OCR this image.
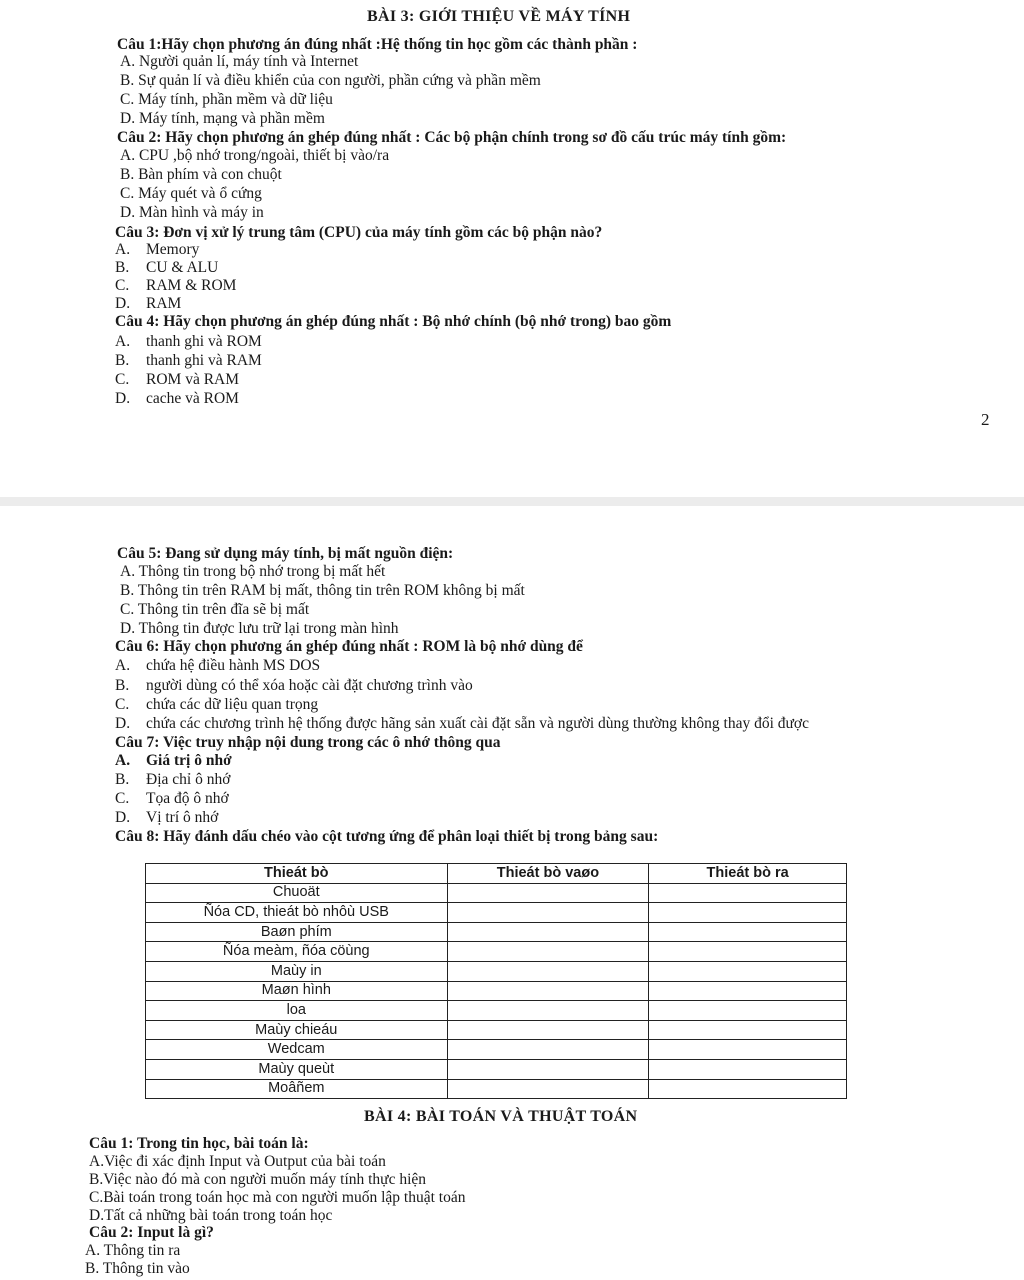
BÀI 3: GIỚI THIỆU VỀ MÁY TÍNH
Câu 1:Hãy chọn phương án đúng nhất :Hệ thống tin học gồm các thành phần :
A. Người quản lí, máy tính và Internet
B. Sự quản lí và điều khiển của con người, phần cứng và phần mềm
C. Máy tính, phần mềm và dữ liệu
D. Máy tính, mạng và phần mềm
Câu 2: Hãy chọn phương án ghép đúng nhất : Các bộ phận chính trong sơ đồ cấu trúc máy tính gồm:
A. CPU ,bộ nhớ trong/ngoài, thiết bị vào/ra
B. Bàn phím và con chuột
C. Máy quét và ổ cứng
D. Màn hình và máy in
Câu 3: Đơn vị xử lý trung tâm (CPU) của máy tính gồm các bộ phận nào?
A. Memory
B. CU & ALU
C. RAM & ROM
D. RAM
Câu 4: Hãy chọn phương án ghép đúng nhất : Bộ nhớ chính (bộ nhớ trong) bao gồm
A. thanh ghi và ROM
B. thanh ghi và RAM
C. ROM và RAM
D. cache và ROM
2
Câu 5: Đang sử dụng máy tính, bị mất nguồn điện:
A. Thông tin trong bộ nhớ trong bị mất hết
B. Thông tin trên RAM bị mất, thông tin trên ROM không bị mất
C. Thông tin trên đĩa sẽ bị mất
D. Thông tin được lưu trữ lại trong màn hình
Câu 6: Hãy chọn phương án ghép đúng nhất : ROM là bộ nhớ dùng để
A. chứa hệ điều hành MS DOS
B. người dùng có thể xóa hoặc cài đặt chương trình vào
C. chứa các dữ liệu quan trọng
D. chứa các chương trình hệ thống được hãng sản xuất cài đặt sẵn và người dùng thường không thay đổi được
Câu 7: Việc truy nhập nội dung trong các ô nhớ thông qua
A. Giá trị ô nhớ
B. Địa chỉ ô nhớ
C. Tọa độ ô nhớ
D. Vị trí ô nhớ
Câu 8: Hãy đánh dấu chéo vào cột tương ứng để phân loại thiết bị trong bảng sau:
Thieát bò	Thieát bò vaøo	Thieát bò ra
Chuoät		
Ñóa CD, thieát bò nhôù USB		
Baøn phím		
Ñóa meàm, ñóa cöùng		
Maùy in		
Maøn hình		
loa		
Maùy chieáu		
Wedcam		
Maùy queùt		
Moâñem		
BÀI 4: BÀI TOÁN VÀ THUẬT TOÁN
Câu 1: Trong tin học, bài toán là:
A.Việc đi xác định Input và Output của bài toán
B.Việc nào đó mà con người muốn máy tính thực hiện
C.Bài toán trong toán học mà con người muốn lập thuật toán
D.Tất cả những bài toán trong toán học
Câu 2: Input là gì?
A. Thông tin ra
B. Thông tin vào
